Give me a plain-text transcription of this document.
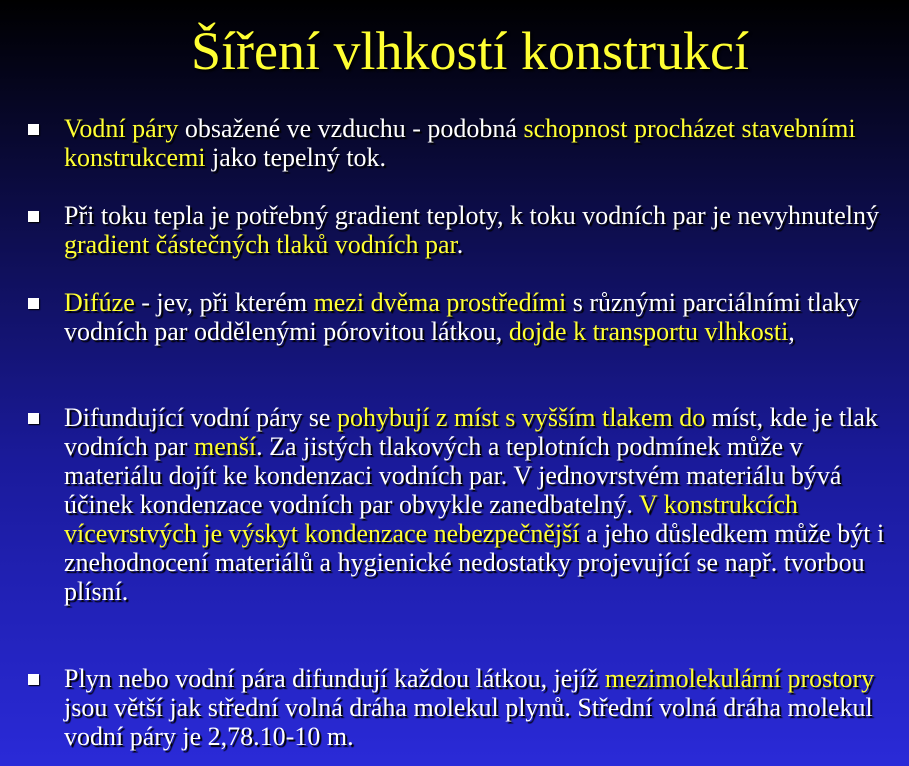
Šíření vlhkostí konstrukcí
Vodní páry obsažené ve vzduchu - podobná schopnost procházet stavebními konstrukcemi jako tepelný tok.
Při toku tepla je potřebný gradient teploty, k toku vodních par je nevyhnutelný gradient částečných tlaků vodních par.
Difúze - jev, při kterém mezi dvěma prostředími s různými parciálními tlaky vodních par odděleným‌i pórovitou látkou, dojde k transportu vlhkosti,
Difundující vodní páry se pohybují z míst s vyšším tlakem do míst, kde je tlak vodních par menší. Za jistých tlakových a teplotních podmínek může v materiálu dojít ke kondenzaci vodních par. V jednovrstvém materiálu bývá účinek kondenzace vodních par obvykle zanedbatelný. V konstrukcích vícevrstvých je výskyt kondenzace nebezpečnější a jeho důsledkem může být i znehodnocení materiálů a hygienické nedostatky projevující se např. tvorbou plísní.
Plyn nebo vodní pára difundují každou látkou, jejíž mezimolekulární prostory jsou větší jak střední volná dráha molekul plynů. Střední volná dráha molekul vodní páry je 2,78.10-10 m.
